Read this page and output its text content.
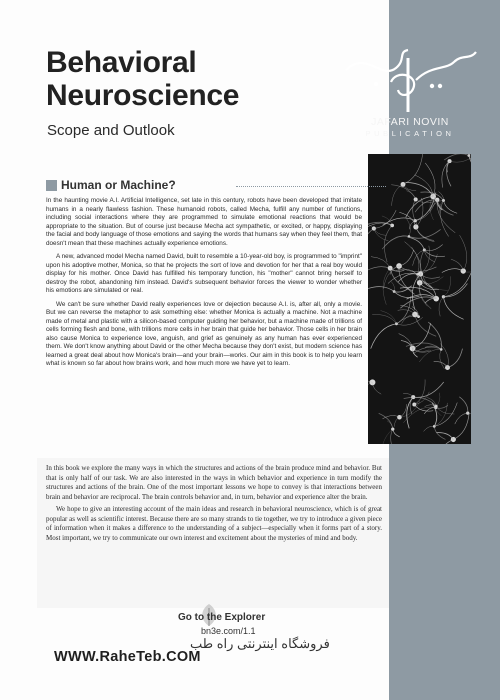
JAFARI NOVIN
PUBLICATION
Behavioral
Neuroscience
Scope and Outlook
Human or Machine?

In the haunting movie A.I. Artificial Intelligence, set late in this century, robots have been developed that imitate humans in a nearly flawless fashion. These humanoid robots, called Mecha, fulfill any number of functions, including social interactions where they are programmed to simulate emotional reactions that would be appropriate to the situation. But of course just because Mecha act sympathetic, or excited, or happy, displaying the facial and body language of those emotions and saying the words that humans say when they feel them, that doesn't mean that these machines actually experience emotions.

A new, advanced model Mecha named David, built to resemble a 10-year-old boy, is programmed to "imprint" upon his adoptive mother, Monica, so that he projects the sort of love and devotion for her that a real boy would display for his mother. Once David has fulfilled his temporary function, his "mother" cannot bring herself to destroy the robot, abandoning him instead. David's subsequent behavior forces the viewer to wonder whether his emotions are simulated or real.

We can't be sure whether David really experiences love or dejection because A.I. is, after all, only a movie. But we can reverse the metaphor to ask something else: whether Monica is actually a machine. Not a machine made of metal and plastic with a silicon-based computer guiding her behavior, but a machine made of trillions of cells forming flesh and bone, with trillions more cells in her brain that guide her behavior. Those cells in her brain also cause Monica to experience love, anguish, and grief as genuinely as any human has ever experienced them. We don't know anything about David or the other Mecha because they don't exist, but modern science has learned a great deal about how Monica's brain—and your brain—works. Our aim in this book is to help you learn what is known so far about how brains work, and how much more we have yet to learn.

In this book we explore the many ways in which the structures and actions of the brain produce mind and behavior. But that is only half of our task. We are also interested in the ways in which behavior and experience in turn modify the structures and actions of the brain. One of the most important lessons we hope to convey is that interactions between brain and behavior are reciprocal. The brain controls behavior and, in turn, behavior and experience alter the brain.

We hope to give an interesting account of the main ideas and research in behavioral neuroscience, which is of great popular as well as scientific interest. Because there are so many strands to tie together, we try to introduce a given piece of information when it makes a difference to the understanding of a subject—especially when it forms part of a story. Most important, we try to communicate our own interest and excitement about the mysteries of mind and body.

Go to the Explorer
bn3e.com/1.1
فروشگاه اینترنتی راه طب
WWW.RaheTeb.COM
